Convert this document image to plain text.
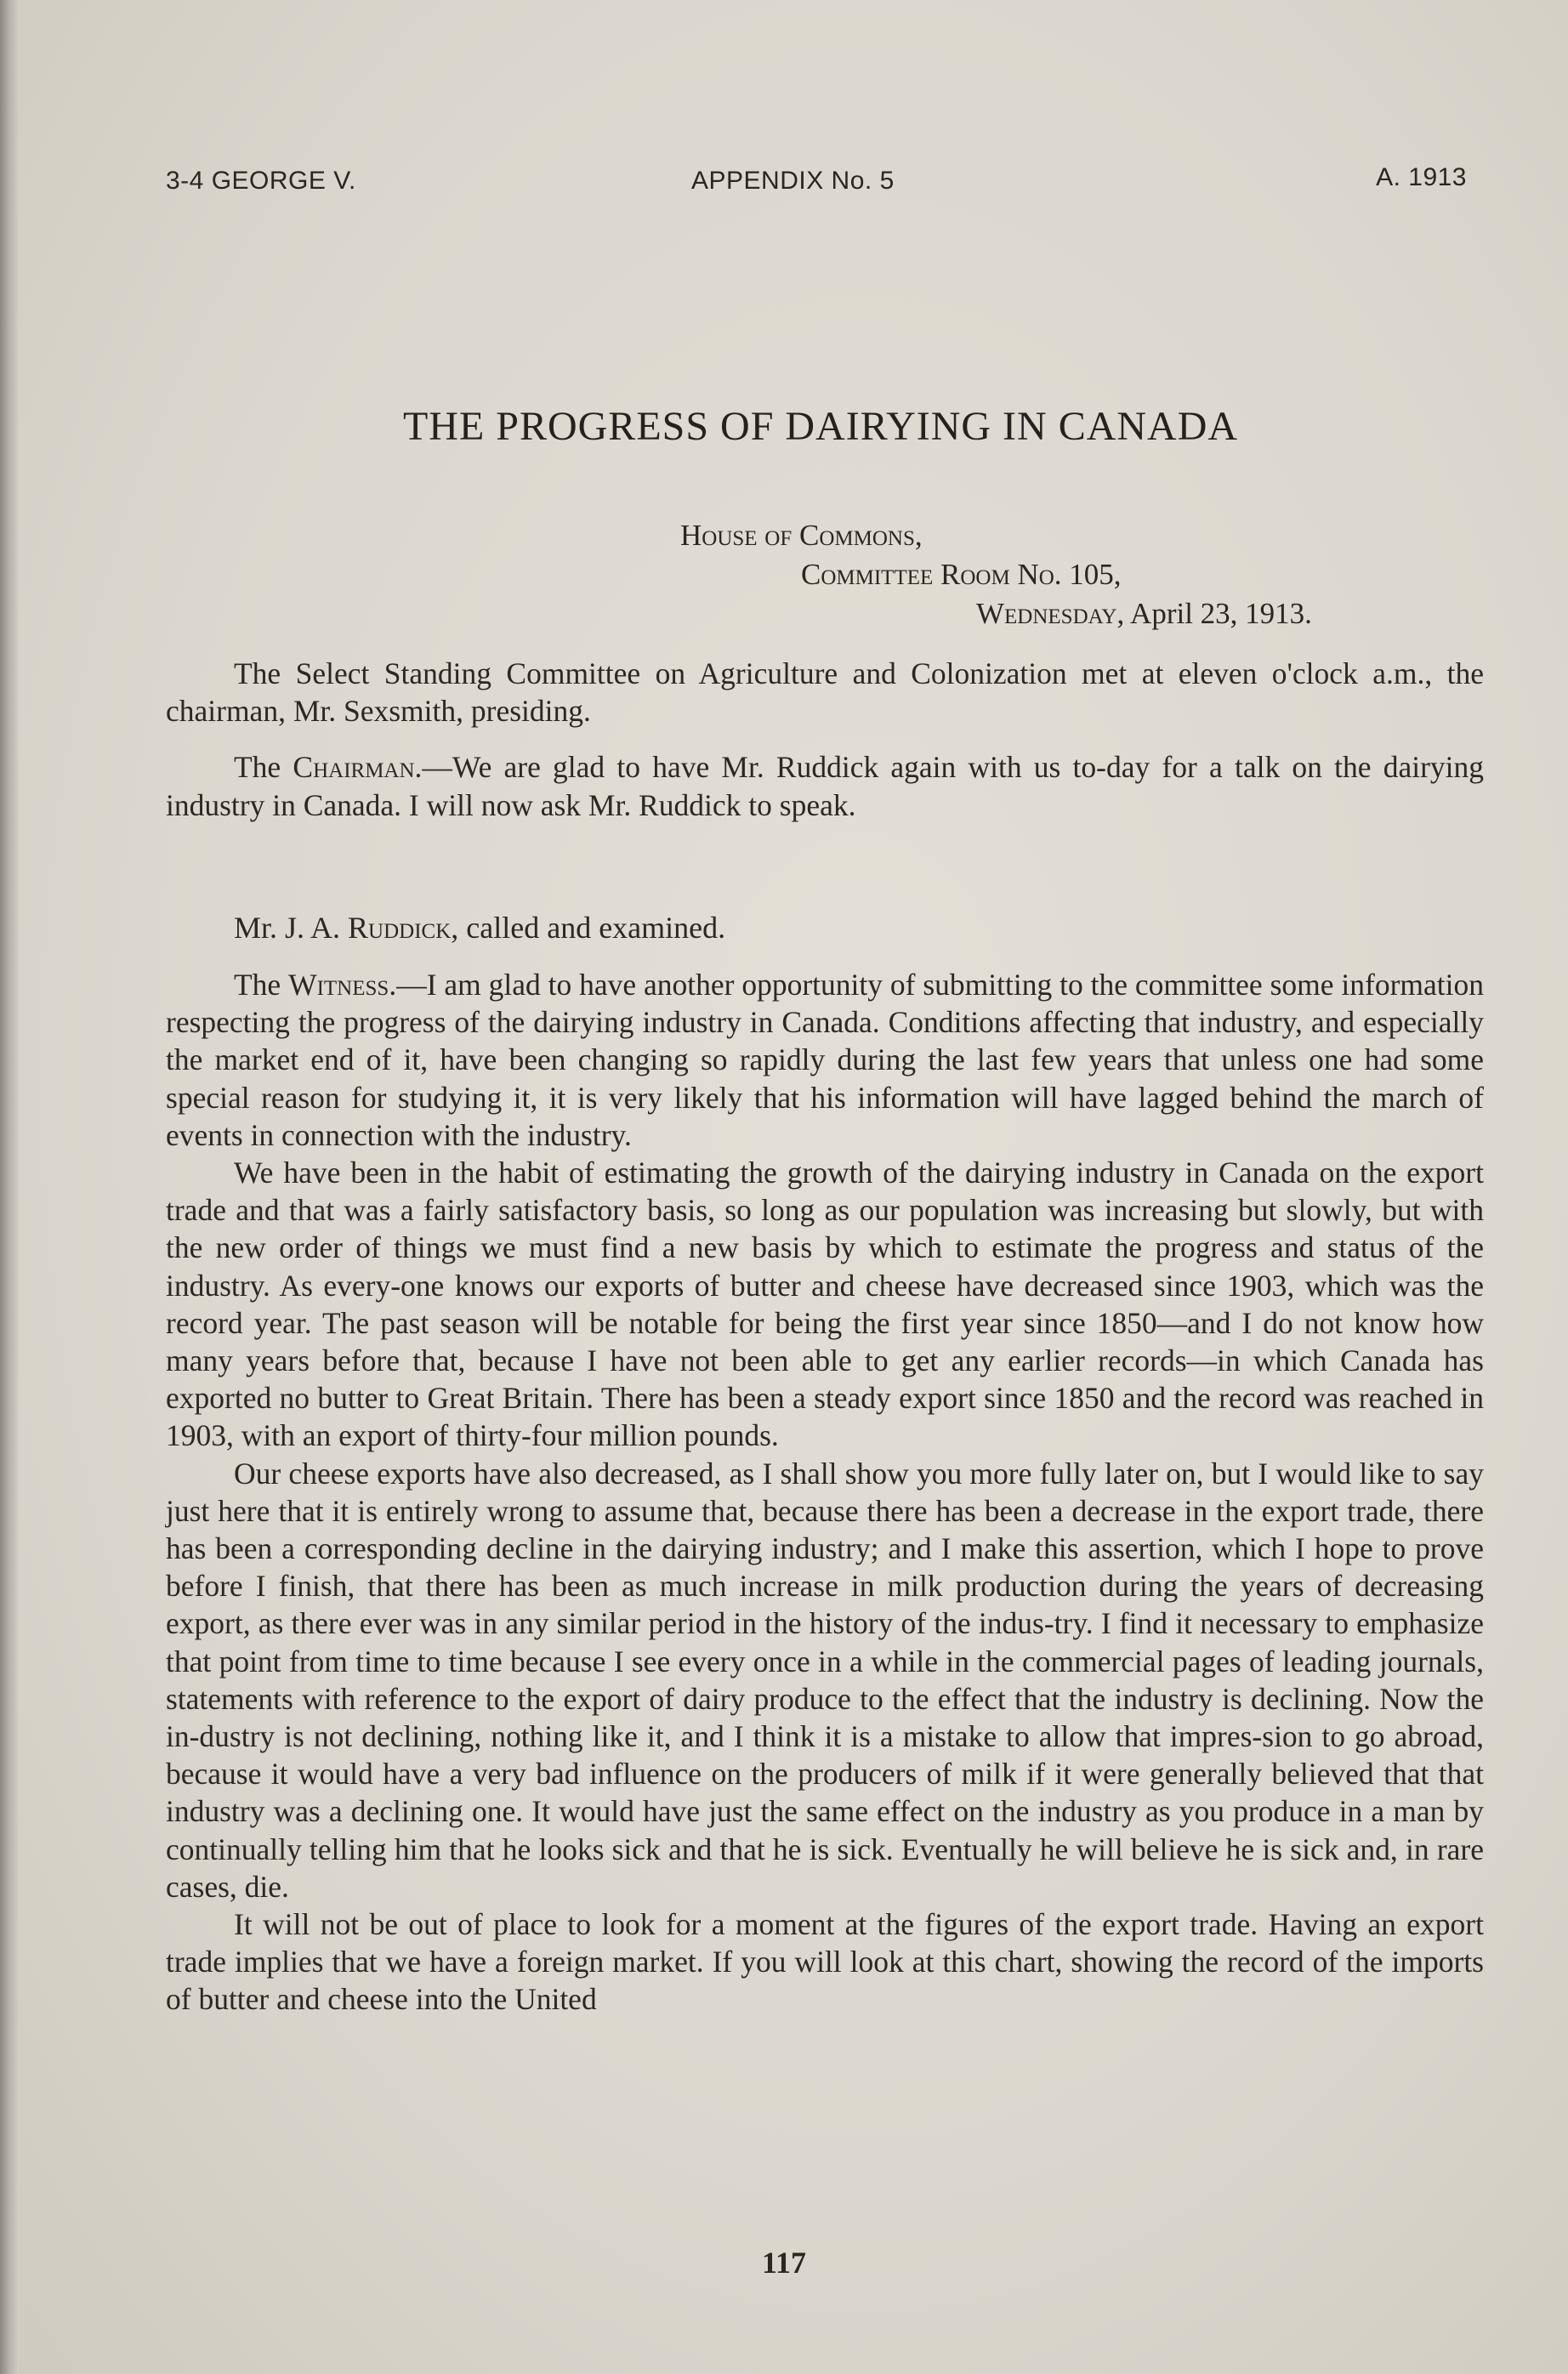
3-4 GEORGE V.	APPENDIX No. 5	A. 1913
THE PROGRESS OF DAIRYING IN CANADA
House of Commons,
Committee Room No. 105,
Wednesday, April 23, 1913.

The Select Standing Committee on Agriculture and Colonization met at eleven o'clock a.m., the chairman, Mr. Sexsmith, presiding.

The Chairman.—We are glad to have Mr. Ruddick again with us to-day for a talk on the dairying industry in Canada. I will now ask Mr. Ruddick to speak.

Mr. J. A. Ruddick, called and examined.

The Witness.—I am glad to have another opportunity of submitting to the committee some information respecting the progress of the dairying industry in Canada. Conditions affecting that industry, and especially the market end of it, have been changing so rapidly during the last few years that unless one had some special reason for studying it, it is very likely that his information will have lagged behind the march of events in connection with the industry.

We have been in the habit of estimating the growth of the dairying industry in Canada on the export trade and that was a fairly satisfactory basis, so long as our population was increasing but slowly, but with the new order of things we must find a new basis by which to estimate the progress and status of the industry. As every-one knows our exports of butter and cheese have decreased since 1903, which was the record year. The past season will be notable for being the first year since 1850—and I do not know how many years before that, because I have not been able to get any earlier records—in which Canada has exported no butter to Great Britain. There has been a steady export since 1850 and the record was reached in 1903, with an export of thirty-four million pounds.

Our cheese exports have also decreased, as I shall show you more fully later on, but I would like to say just here that it is entirely wrong to assume that, because there has been a decrease in the export trade, there has been a corresponding decline in the dairying industry; and I make this assertion, which I hope to prove before I finish, that there has been as much increase in milk production during the years of decreasing export, as there ever was in any similar period in the history of the indus-try. I find it necessary to emphasize that point from time to time because I see every once in a while in the commercial pages of leading journals, statements with reference to the export of dairy produce to the effect that the industry is declining. Now the in-dustry is not declining, nothing like it, and I think it is a mistake to allow that impres-sion to go abroad, because it would have a very bad influence on the producers of milk if it were generally believed that that industry was a declining one. It would have just the same effect on the industry as you produce in a man by continually telling him that he looks sick and that he is sick. Eventually he will believe he is sick and, in rare cases, die.

It will not be out of place to look for a moment at the figures of the export trade. Having an export trade implies that we have a foreign market. If you will look at this chart, showing the record of the imports of butter and cheese into the United

117
